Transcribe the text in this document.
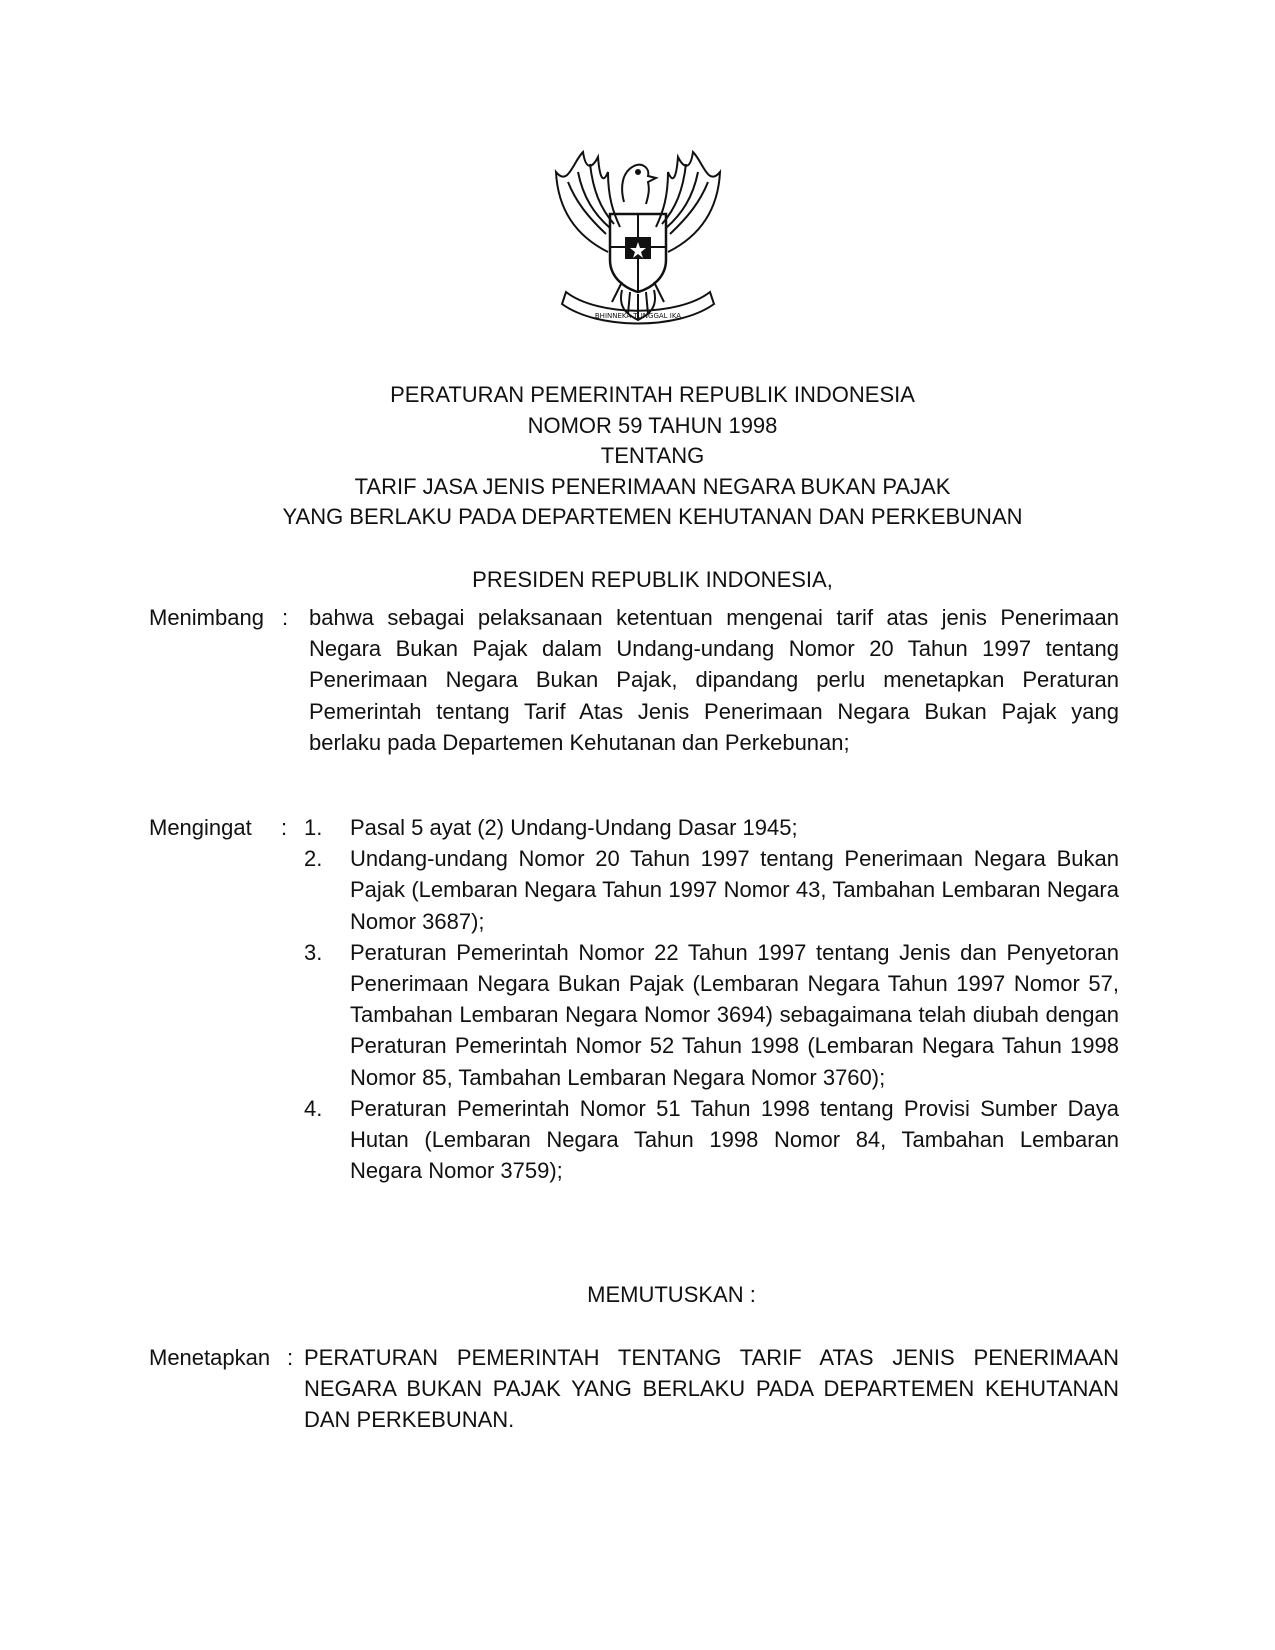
BHINNEKA TUNGGAL IKA
PERATURAN PEMERINTAH REPUBLIK INDONESIA
NOMOR 59 TAHUN 1998
TENTANG
TARIF JASA JENIS PENERIMAAN NEGARA BUKAN PAJAK
YANG BERLAKU PADA DEPARTEMEN KEHUTANAN DAN PERKEBUNAN
PRESIDEN REPUBLIK INDONESIA,
Menimbang : bahwa sebagai pelaksanaan ketentuan mengenai tarif atas jenis Penerimaan Negara Bukan Pajak dalam Undang-undang Nomor 20 Tahun 1997 tentang Penerimaan Negara Bukan Pajak, dipandang perlu menetapkan Peraturan Pemerintah tentang Tarif Atas Jenis Penerimaan Negara Bukan Pajak yang berlaku pada Departemen Kehutanan dan Perkebunan;
Mengingat : 1. Pasal 5 ayat (2) Undang-Undang Dasar 1945;
2. Undang-undang Nomor 20 Tahun 1997 tentang Penerimaan Negara Bukan Pajak (Lembaran Negara Tahun 1997 Nomor 43, Tambahan Lembaran Negara Nomor 3687);
3. Peraturan Pemerintah Nomor 22 Tahun 1997 tentang Jenis dan Penyetoran Penerimaan Negara Bukan Pajak (Lembaran Negara Tahun 1997 Nomor 57, Tambahan Lembaran Negara Nomor 3694) sebagaimana telah diubah dengan Peraturan Pemerintah Nomor 52 Tahun 1998 (Lembaran Negara Tahun 1998 Nomor 85, Tambahan Lembaran Negara Nomor 3760);
4. Peraturan Pemerintah Nomor 51 Tahun 1998 tentang Provisi Sumber Daya Hutan (Lembaran Negara Tahun 1998 Nomor 84, Tambahan Lembaran Negara Nomor 3759);
MEMUTUSKAN :
Menetapkan : PERATURAN PEMERINTAH TENTANG TARIF ATAS JENIS PENERIMAAN NEGARA BUKAN PAJAK YANG BERLAKU PADA DEPARTEMEN KEHUTANAN DAN PERKEBUNAN.
